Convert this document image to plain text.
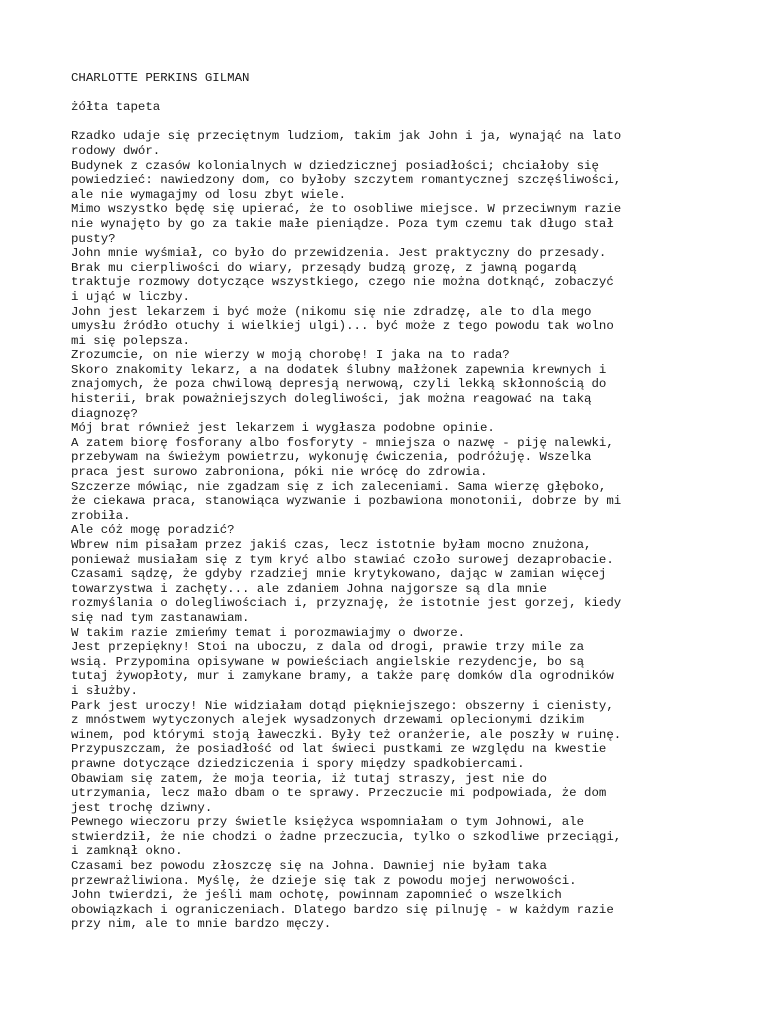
CHARLOTTE PERKINS GILMAN
żółta tapeta

Rzadko udaje się przeciętnym ludziom, takim jak John i ja, wynająć na lato
rodowy dwór.

Budynek z czasów kolonialnych w dziedzicznej posiadłości; chciałoby się
powiedzieć: nawiedzony dom, co byłoby szczytem romantycznej szczęśliwości,
ale nie wymagajmy od losu zbyt wiele.

Mimo wszystko będę się upierać, że to osobliwe miejsce. W przeciwnym razie
nie wynajęto by go za takie małe pieniądze. Poza tym czemu tak długo stał
pusty?

John mnie wyśmiał, co było do przewidzenia. Jest praktyczny do przesady.
Brak mu cierpliwości do wiary, przesądy budzą grozę, z jawną pogardą
traktuje rozmowy dotyczące wszystkiego, czego nie można dotknąć, zobaczyć
i ująć w liczby.

John jest lekarzem i być może (nikomu się nie zdradzę, ale to dla mego
umysłu źródło otuchy i wielkiej ulgi)... być może z tego powodu tak wolno
mi się polepsza.

Zrozumcie, on nie wierzy w moją chorobę! I jaka na to rada?

Skoro znakomity lekarz, a na dodatek ślubny małżonek zapewnia krewnych i
znajomych, że poza chwilową depresją nerwową, czyli lekką skłonnością do
histerii, brak poważniejszych dolegliwości, jak można reagować na taką
diagnozę?

Mój brat również jest lekarzem i wygłasza podobne opinie.

A zatem biorę fosforany albo fosforyty - mniejsza o nazwę - piję nalewki,
przebywam na świeżym powietrzu, wykonuję ćwiczenia, podróżuję. Wszelka
praca jest surowo zabroniona, póki nie wrócę do zdrowia.

Szczerze mówiąc, nie zgadzam się z ich zaleceniami. Sama wierzę głęboko,
że ciekawa praca, stanowiąca wyzwanie i pozbawiona monotonii, dobrze by mi
zrobiła.

Ale cóż mogę poradzić?

Wbrew nim pisałam przez jakiś czas, lecz istotnie byłam mocno znużona,
ponieważ musiałam się z tym kryć albo stawiać czoło surowej dezaprobacie.

Czasami sądzę, że gdyby rzadziej mnie krytykowano, dając w zamian więcej
towarzystwa i zachęty... ale zdaniem Johna najgorsze są dla mnie
rozmyślania o dolegliwościach i, przyznaję, że istotnie jest gorzej, kiedy
się nad tym zastanawiam.

W takim razie zmieńmy temat i porozmawiajmy o dworze.

Jest przepiękny! Stoi na uboczu, z dala od drogi, prawie trzy mile za
wsią. Przypomina opisywane w powieściach angielskie rezydencje, bo są
tutaj żywopłoty, mur i zamykane bramy, a także parę domków dla ogrodników
i służby.

Park jest uroczy! Nie widziałam dotąd piękniejszego: obszerny i cienisty,
z mnóstwem wytyczonych alejek wysadzonych drzewami oplecionymi dzikim
winem, pod którymi stoją ławeczki. Były też oranżerie, ale poszły w ruinę.

Przypuszczam, że posiadłość od lat świeci pustkami ze względu na kwestie
prawne dotyczące dziedziczenia i spory między spadkobiercami.

Obawiam się zatem, że moja teoria, iż tutaj straszy, jest nie do
utrzymania, lecz mało dbam o te sprawy. Przeczucie mi podpowiada, że dom
jest trochę dziwny.

Pewnego wieczoru przy świetle księżyca wspomniałam o tym Johnowi, ale
stwierdził, że nie chodzi o żadne przeczucia, tylko o szkodliwe przeciągi,
i zamknął okno.

Czasami bez powodu złoszczę się na Johna. Dawniej nie byłam taka
przewrażliwiona. Myślę, że dzieje się tak z powodu mojej nerwowości.

John twierdzi, że jeśli mam ochotę, powinnam zapomnieć o wszelkich
obowiązkach i ograniczeniach. Dlatego bardzo się pilnuję - w każdym razie
przy nim, ale to mnie bardzo męczy.
